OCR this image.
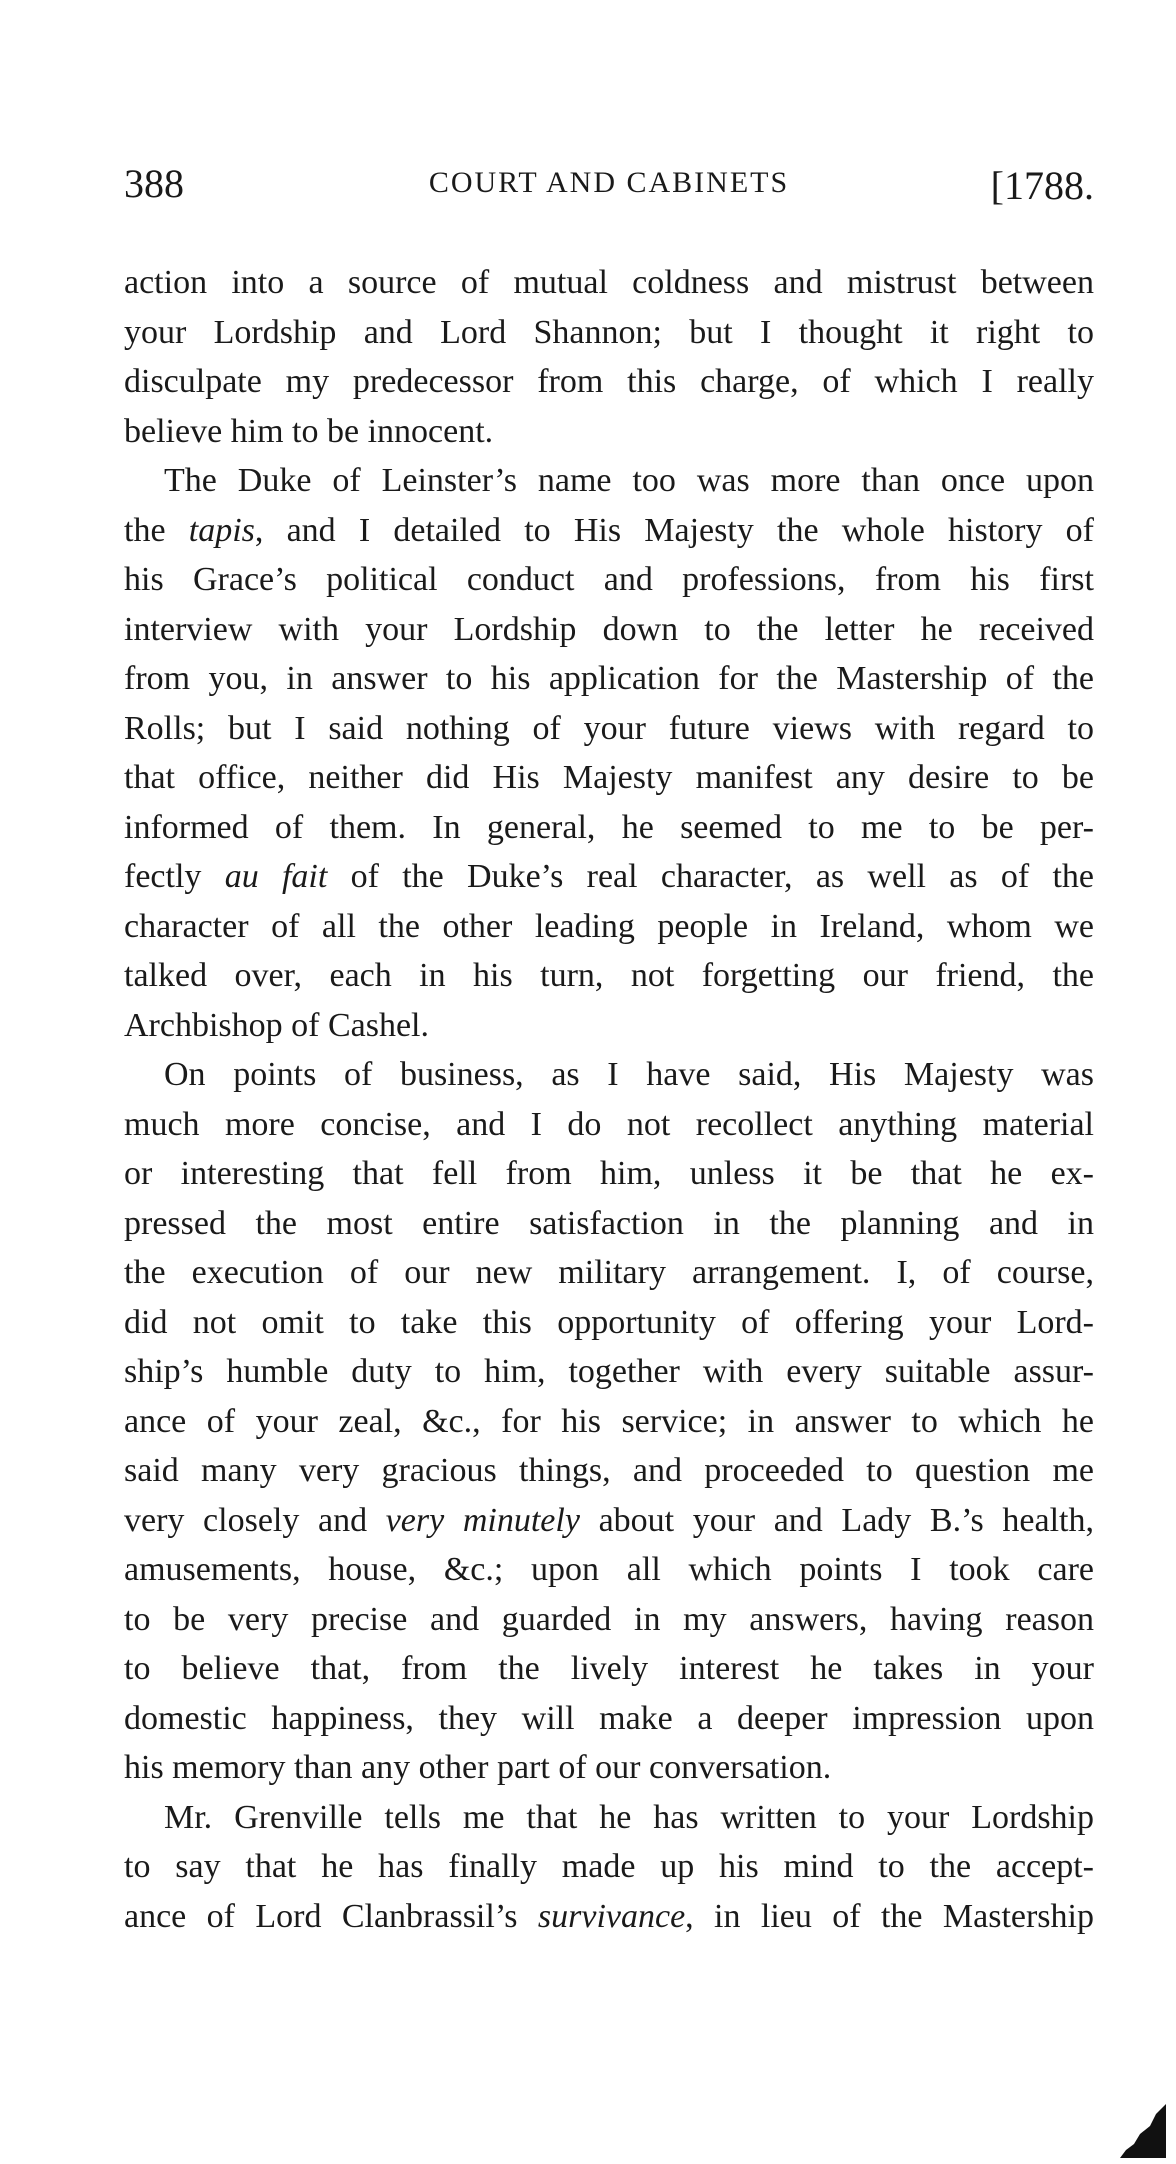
388	COURT AND CABINETS	[1788.
action into a source of mutual coldness and mistrust between
your Lordship and Lord Shannon; but I thought it right to
disculpate my predecessor from this charge, of which I really
believe him to be innocent.
The Duke of Leinster’s name too was more than once upon
the tapis, and I detailed to His Majesty the whole history of
his Grace’s political conduct and professions, from his first
interview with your Lordship down to the letter he received
from you, in answer to his application for the Mastership of the
Rolls; but I said nothing of your future views with regard to
that office, neither did His Majesty manifest any desire to be
informed of them. In general, he seemed to me to be per-
fectly au fait of the Duke’s real character, as well as of the
character of all the other leading people in Ireland, whom we
talked over, each in his turn, not forgetting our friend, the
Archbishop of Cashel.
On points of business, as I have said, His Majesty was
much more concise, and I do not recollect anything material
or interesting that fell from him, unless it be that he ex-
pressed the most entire satisfaction in the planning and in
the execution of our new military arrangement. I, of course,
did not omit to take this opportunity of offering your Lord-
ship’s humble duty to him, together with every suitable assur-
ance of your zeal, &c., for his service; in answer to which he
said many very gracious things, and proceeded to question me
very closely and very minutely about your and Lady B.’s health,
amusements, house, &c.; upon all which points I took care
to be very precise and guarded in my answers, having reason
to believe that, from the lively interest he takes in your
domestic happiness, they will make a deeper impression upon
his memory than any other part of our conversation.
Mr. Grenville tells me that he has written to your Lordship
to say that he has finally made up his mind to the accept-
ance of Lord Clanbrassil’s survivance, in lieu of the Mastership
